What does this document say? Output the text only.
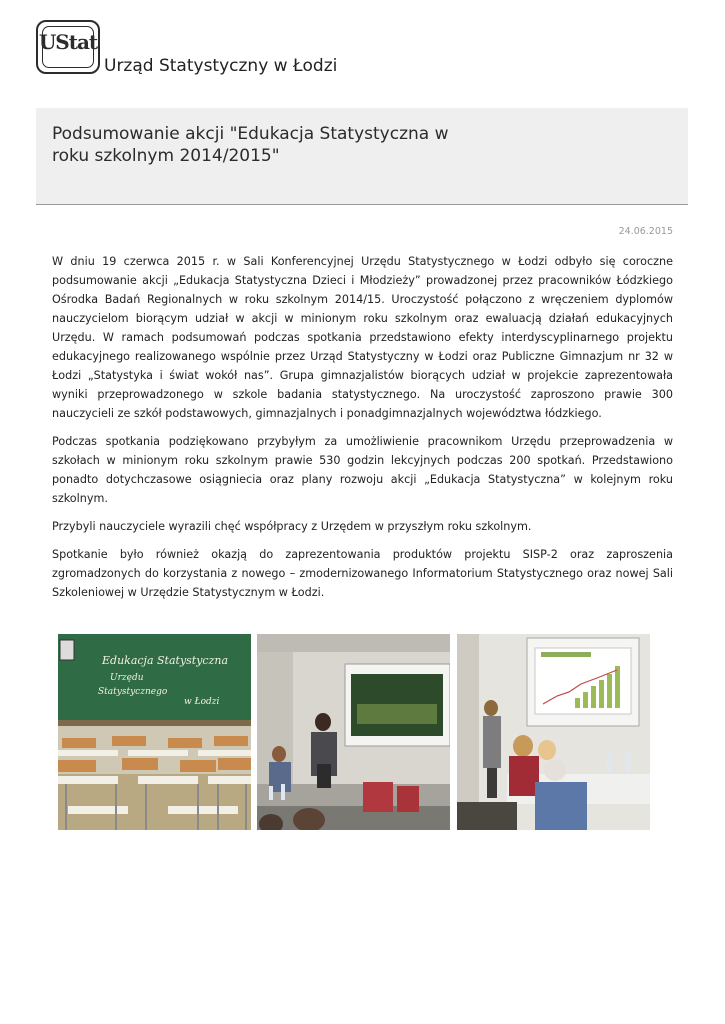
UStat
Urząd Statystyczny w Łodzi
Podsumowanie akcji "Edukacja Statystyczna w roku szkolnym 2014/2015"
24.06.2015

W dniu 19 czerwca 2015 r. w Sali Konferencyjnej Urzędu Statystycznego w Łodzi odbyło się coroczne podsumowanie akcji „Edukacja Statystyczna Dzieci i Młodzieży” prowadzonej przez pracowników Łódzkiego Ośrodka Badań Regionalnych w roku szkolnym 2014/15. Uroczystość połączono z wręczeniem dyplomów nauczycielom biorącym udział w akcji w minionym roku szkolnym oraz ewaluacją działań edukacyjnych Urzędu. W ramach podsumowań podczas spotkania przedstawiono efekty interdyscyplinarnego projektu edukacyjnego realizowanego wspólnie przez Urząd Statystyczny w Łodzi oraz Publiczne Gimnazjum nr 32 w Łodzi „Statystyka i świat wokół nas”. Grupa gimnazjalistów biorących udział w projekcie zaprezentowała wyniki przeprowadzonego w szkole badania statystycznego. Na uroczystość zaproszono prawie 300 nauczycieli ze szkół podstawowych, gimnazjalnych i ponadgimnazjalnych województwa łódzkiego.

Podczas spotkania podziękowano przybyłym za umożliwienie pracownikom Urzędu przeprowadzenia w szkołach w minionym roku szkolnym prawie 530 godzin lekcyjnych podczas 200 spotkań. Przedstawiono ponadto dotychczasowe osiągniecia oraz plany rozwoju akcji „Edukacja Statystyczna” w kolejnym roku szkolnym.

Przybyli nauczyciele wyrazili chęć współpracy z Urzędem w przyszłym roku szkolnym.

Spotkanie było również okazją do zaprezentowania produktów projektu SISP-2 oraz zaproszenia zgromadzonych do korzystania z nowego – zmodernizowanego Informatorium Statystycznego oraz nowej Sali Szkoleniowej w Urzędzie Statystycznym w Łodzi.

Edukacja Statystyczna
Urzędu
Statystycznego
w Łodzi
